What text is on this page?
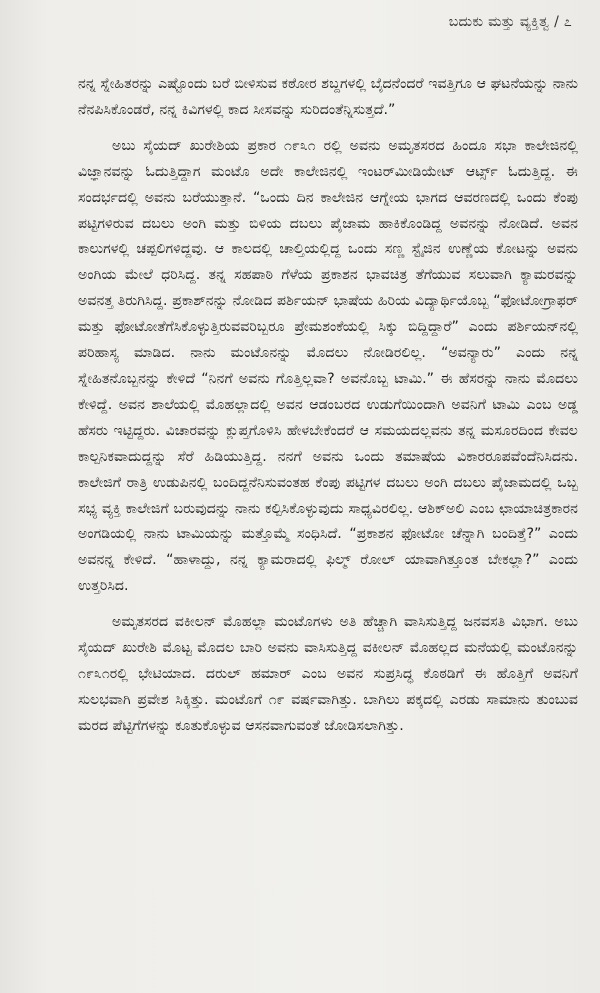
ಬದುಕು ಮತ್ತು ವ್ಯಕ್ತಿತ್ವ / ೭

ನನ್ನ ಸ್ನೇಹಿತರನ್ನು ಎಷ್ಟೊಂದು ಬರೆ ಬೀಳಿಸುವ ಕಠೋರ ಶಬ್ದಗಳಲ್ಲಿ ಬೈದನೆಂದರೆ ಇವತ್ತಿಗೂ ಆ ಘಟನೆಯನ್ನು ನಾನು ನೆನಪಿಸಿಕೊಂಡರೆ, ನನ್ನ ಕಿವಿಗಳಲ್ಲಿ ಕಾದ ಸೀಸವನ್ನು ಸುರಿದಂತೆನ್ನಿಸುತ್ತದೆ.”

ಅಬು ಸೈಯದ್ ಖುರೇಶಿಯ ಪ್ರಕಾರ ೧೯೩೧ ರಲ್ಲಿ ಅವನು ಅಮೃತಸರದ ಹಿಂದೂ ಸಭಾ ಕಾಲೇಜಿನಲ್ಲಿ ವಿಜ್ಞಾನವನ್ನು ಓದುತ್ತಿದ್ದಾಗ ಮಂಟೊ ಅದೇ ಕಾಲೇಜಿನಲ್ಲಿ ಇಂಟರ್‌ಮೀಡಿಯೇಟ್ ಆರ್ಟ್ಸ್ ಓದುತ್ತಿದ್ದ. ಈ ಸಂದರ್ಭದಲ್ಲಿ ಅವನು ಬರೆಯುತ್ತಾನೆ. “ಒಂದು ದಿನ ಕಾಲೇಜಿನ ಆಗ್ನೇಯ ಭಾಗದ ಆವರಣದಲ್ಲಿ ಒಂದು ಕೆಂಪು ಪಟ್ಟಿಗಳಿರುವ ದಬಲು ಅಂಗಿ ಮತ್ತು ಬಿಳಿಯ ದಬಲು ಪೈಜಾಮ ಹಾಕಿಕೊಂಡಿದ್ದ ಅವನನ್ನು ನೋಡಿದೆ. ಅವನ ಕಾಲುಗಳಲ್ಲಿ ಚಪ್ಪಲಿಗಳಿದ್ದವು. ಆ ಕಾಲದಲ್ಲಿ ಚಾಲ್ತಿಯಲ್ಲಿದ್ದ ಒಂದು ಸಣ್ಣ ಸ್ಟೈಜಿನ ಉಣ್ಣೆಯ ಕೋಟನ್ನು ಅವನು ಅಂಗಿಯ ಮೇಲೆ ಧರಿಸಿದ್ದ. ತನ್ನ ಸಹಪಾಠಿ ಗೆಳೆಯ ಪ್ರಕಾಶನ ಭಾವಚಿತ್ರ ತೆಗೆಯುವ ಸಲುವಾಗಿ ಕ್ಯಾಮರವನ್ನು ಅವನತ್ತ ತಿರುಗಿಸಿದ್ದ. ಪ್ರಕಾಶ್‌ನನ್ನು ನೋಡಿದ ಪರ್ಶಿಯನ್ ಭಾಷೆಯ ಹಿರಿಯ ವಿದ್ಯಾರ್ಥಿಯೊಬ್ಬ “ಫೋಟೋಗ್ರಾಫರ್ ಮತ್ತು ಫೋಟೋತೆಗೆಸಿಕೊಳ್ಳುತ್ತಿರುವವರಿಬ್ಬರೂ ಪ್ರೇಮಶಂಕೆಯಲ್ಲಿ ಸಿಕ್ಕು ಬಿದ್ದಿದ್ದಾರೆ” ಎಂದು ಪರ್ಶಿಯನ್‌ನಲ್ಲಿ ಪರಿಹಾಸ್ಯ ಮಾಡಿದ. ನಾನು ಮಂಟೊನನ್ನು ಮೊದಲು ನೋಡಿರಲಿಲ್ಲ. “ಅವನ್ಯಾರು” ಎಂದು ನನ್ನ ಸ್ನೇಹಿತನೊಬ್ಬನನ್ನು ಕೇಳಿದೆ “ನಿನಗೆ ಅವನು ಗೊತ್ತಿಲ್ಲವಾ? ಅವನೊಬ್ಬ ಟಾಮಿ.” ಈ ಹೆಸರನ್ನು ನಾನು ಮೊದಲು ಕೇಳಿದ್ದೆ. ಅವನ ಶಾಲೆಯಲ್ಲಿ ಮೊಹಲ್ಲಾದಲ್ಲಿ ಅವನ ಆಡಂಬರದ ಉಡುಗೆಯಿಂದಾಗಿ ಅವನಿಗೆ ಟಾಮಿ ಎಂಬ ಅಡ್ಡ ಹೆಸರು ಇಟ್ಟಿದ್ದರು. ವಿಚಾರವನ್ನು ಕ್ಲುಪ್ತಗೊಳಿಸಿ ಹೇಳಬೇಕೆಂದರೆ ಆ ಸಮಯದಲ್ಲವನು ತನ್ನ ಮಸೂರದಿಂದ ಕೇವಲ ಕಾಲ್ಪನಿಕವಾದುದ್ದನ್ನು ಸೆರೆ ಹಿಡಿಯುತ್ತಿದ್ದ. ನನಗೆ ಅವನು ಒಂದು ತಮಾಷೆಯ ವಿಕಾರರೂಪವೆಂದೆನಿಸಿದನು. ಕಾಲೇಜಿಗೆ ರಾತ್ರಿ ಉಡುಪಿನಲ್ಲಿ ಬಂದಿದ್ದನೆನಿಸುವಂತಹ ಕೆಂಪು ಪಟ್ಟಿಗಳ ದಬಲು ಅಂಗಿ ದಬಲು ಪೈಜಾಮದಲ್ಲಿ ಒಬ್ಬ ಸಭ್ಯ ವ್ಯಕ್ತಿ ಕಾಲೇಜಿಗೆ ಬರುವುದನ್ನು ನಾನು ಕಲ್ಪಿಸಿಕೊಳ್ಳುವುದು ಸಾಧ್ಯವಿರಲಿಲ್ಲ. ಆಶಿಕ್‌ಅಲಿ ಎಂಬ ಛಾಯಾಚಿತ್ರಕಾರನ ಅಂಗಡಿಯಲ್ಲಿ ನಾನು ಟಾಮಿಯನ್ನು ಮತ್ತೊಮ್ಮೆ ಸಂಧಿಸಿದೆ. “ಪ್ರಕಾಶನ ಫೋಟೋ ಚೆನ್ನಾಗಿ ಬಂದಿತ್ತೆ?” ಎಂದು ಅವನನ್ನ ಕೇಳಿದೆ. “ಹಾಳಾದ್ದು, ನನ್ನ ಕ್ಯಾಮರಾದಲ್ಲಿ ಫಿಲ್ಮ್ ರೋಲ್ ಯಾವಾಗಿತ್ತೂಂತ ಬೇಕಲ್ಲಾ?” ಎಂದು ಉತ್ತರಿಸಿದ.

ಅಮೃತಸರದ ವಕೀಲನ್ ಮೊಹಲ್ಲಾ ಮಂಟೊಗಳು ಅತಿ ಹೆಚ್ಚಾಗಿ ವಾಸಿಸುತ್ತಿದ್ದ ಜನವಸತಿ ವಿಭಾಗ. ಅಬು ಸೈಯದ್ ಖುರೇಶಿ ಮೊಟ್ಟ ಮೊದಲ ಬಾರಿ ಅವನು ವಾಸಿಸುತ್ತಿದ್ದ ವಕೀಲನ್ ಮೊಹಲ್ಲದ ಮನೆಯಲ್ಲಿ ಮಂಟೊನನ್ನು ೧೯೩೧ರಲ್ಲಿ ಭೇಟಿಯಾದ. ದರುಲ್ ಹಮಾರ್ ಎಂಬ ಅವನ ಸುಪ್ರಸಿದ್ಧ ಕೊಠಡಿಗೆ ಈ ಹೊತ್ತಿಗೆ ಅವನಿಗೆ ಸುಲಭವಾಗಿ ಪ್ರವೇಶ ಸಿಕ್ಕಿತ್ತು. ಮಂಟೊಗೆ ೧೯ ವರ್ಷವಾಗಿತ್ತು. ಬಾಗಿಲು ಪಕ್ಕದಲ್ಲಿ ಎರಡು ಸಾಮಾನು ತುಂಬುವ ಮರದ ಪೆಟ್ಟಿಗೆಗಳನ್ನು ಕೂತುಕೊಳ್ಳುವ ಆಸನವಾಗುವಂತೆ ಜೋಡಿಸಲಾಗಿತ್ತು.
